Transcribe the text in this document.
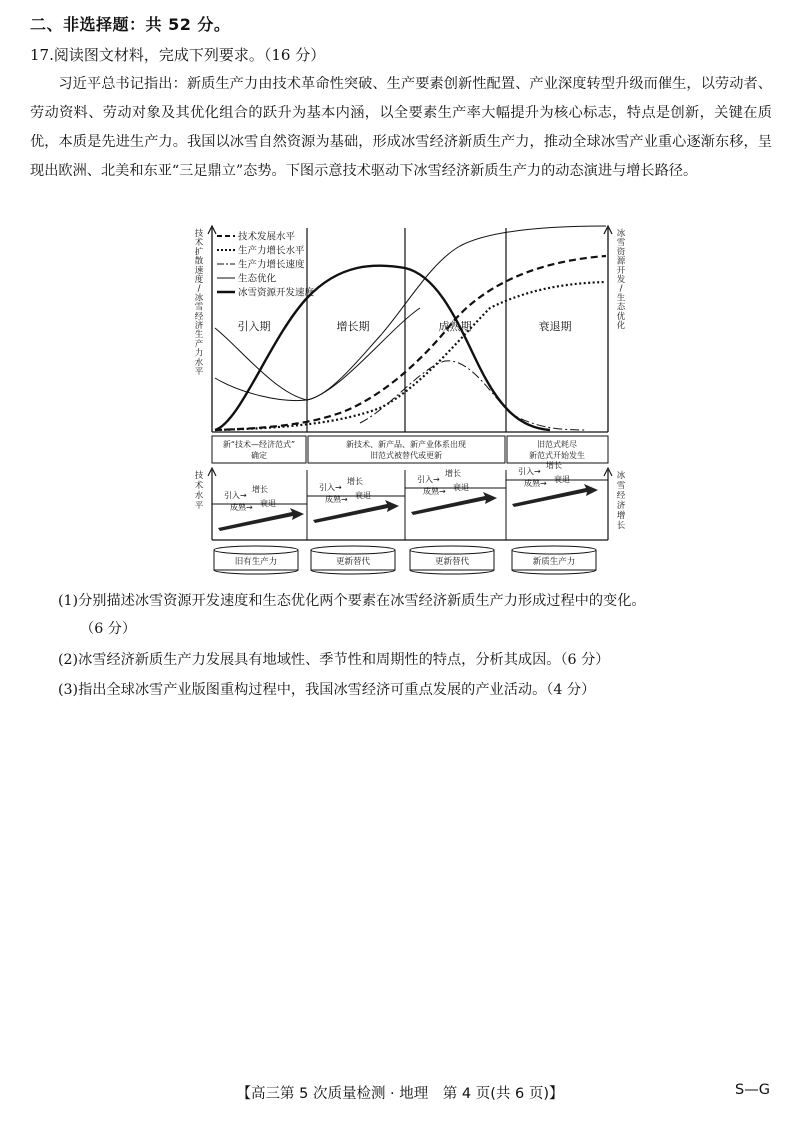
二、非选择题：共 52 分。
17.阅读图文材料，完成下列要求。（16 分）

习近平总书记指出：新质生产力由技术革命性突破、生产要素创新性配置、产业深度转型升级而催生，以劳动者、劳动资料、劳动对象及其优化组合的跃升为基本内涵，以全要素生产率大幅提升为核心标志，特点是创新，关键在质优，本质是先进生产力。我国以冰雪自然资源为基础，形成冰雪经济新质生产力，推动全球冰雪产业重心逐渐东移，呈现出欧洲、北美和东亚“三足鼎立”态势。下图示意技术驱动下冰雪经济新质生产力的动态演进与增长路径。

技术扩散速度/冰雪经济生产力水平
冰雪资源开发/生态优化
技术发展水平
生产力增长水平
生产力增长速度
生态优化
冰雪资源开发速度
引入期	增长期	成熟期	衰退期
新“技术—经济范式”
确定
新技术、新产品、新产业体系出现
旧范式被替代或更新
旧范式耗尽
新范式开始发生
技术水平
冰雪经济增长
引入→
增长
成熟→ 衰退
引入→
增长
成熟→ 衰退
引入→
增长
成熟→ 衰退
引入→
增长
成熟→ 衰退
旧有生产力	更新替代	更新替代	新质生产力

(1)分别描述冰雪资源开发速度和生态优化两个要素在冰雪经济新质生产力形成过程中的变化。

（6 分）

(2)冰雪经济新质生产力发展具有地域性、季节性和周期性的特点，分析其成因。（6 分）

(3)指出全球冰雪产业版图重构过程中，我国冰雪经济可重点发展的产业活动。（4 分）

【高三第 5 次质量检测 · 地理　第 4 页(共 6 页)】	S—G
